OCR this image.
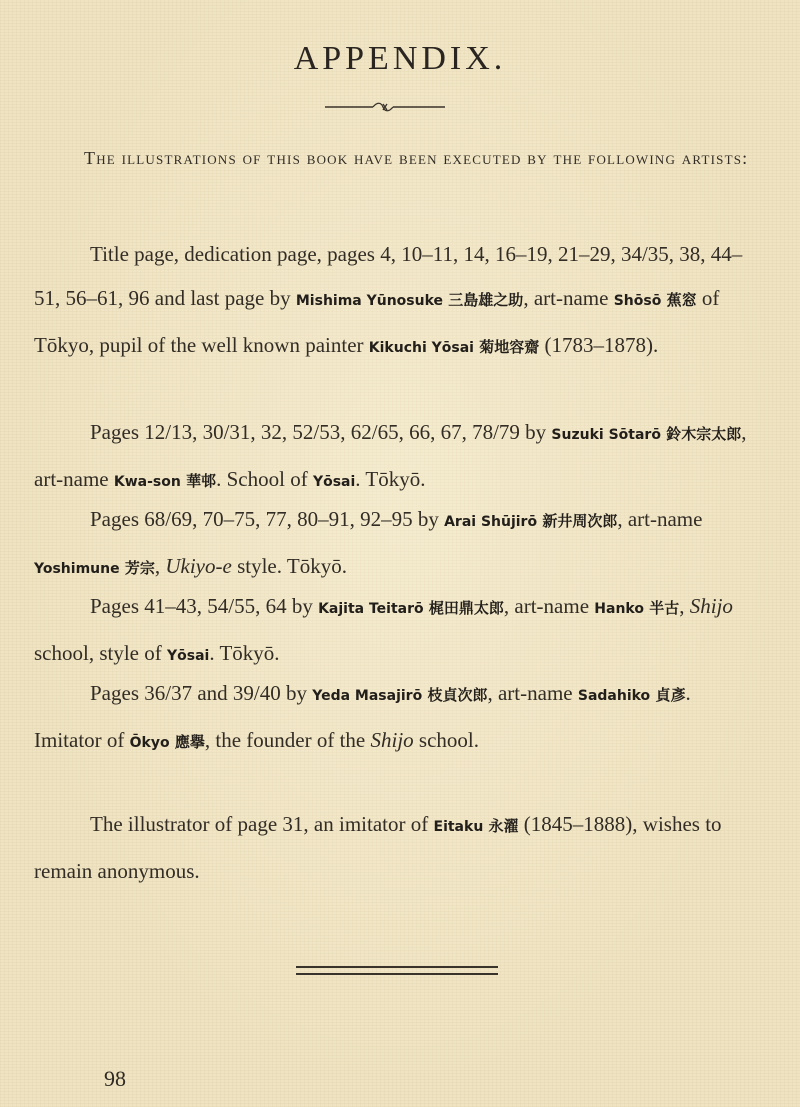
APPENDIX.
The illustrations of this book have been executed by the following artists:
Title page, dedication page, pages 4, 10–11, 14, 16–19, 21–29, 34/35, 38, 44–51, 56–61, 96 and last page by Mishima Yūnosuke 三島雄之助, art-name Shōsō 蕉窓 of Tōkyo, pupil of the well known painter Kikuchi Yōsai 菊地容齋 (1783–1878).
Pages 12/13, 30/31, 32, 52/53, 62/65, 66, 67, 78/79 by Suzuki Sōtarō 鈴木宗太郎, art-name Kwa-son 華邨. School of Yōsai. Tōkyō.
Pages 68/69, 70–75, 77, 80–91, 92–95 by Arai Shūjirō 新井周次郎, art-name Yoshimune 芳宗, Ukiyo-e style. Tōkyō.
Pages 41–43, 54/55, 64 by Kajita Teitarō 梶田鼎太郎, art-name Hanko 半古, Shijo school, style of Yōsai. Tōkyō.
Pages 36/37 and 39/40 by Yeda Masajirō 枝貞次郎, art-name Sadahiko 貞彥. Imitator of Ōkyo 應擧, the founder of the Shijo school.
The illustrator of page 31, an imitator of Eitaku 永濯 (1845–1888), wishes to remain anonymous.
98
